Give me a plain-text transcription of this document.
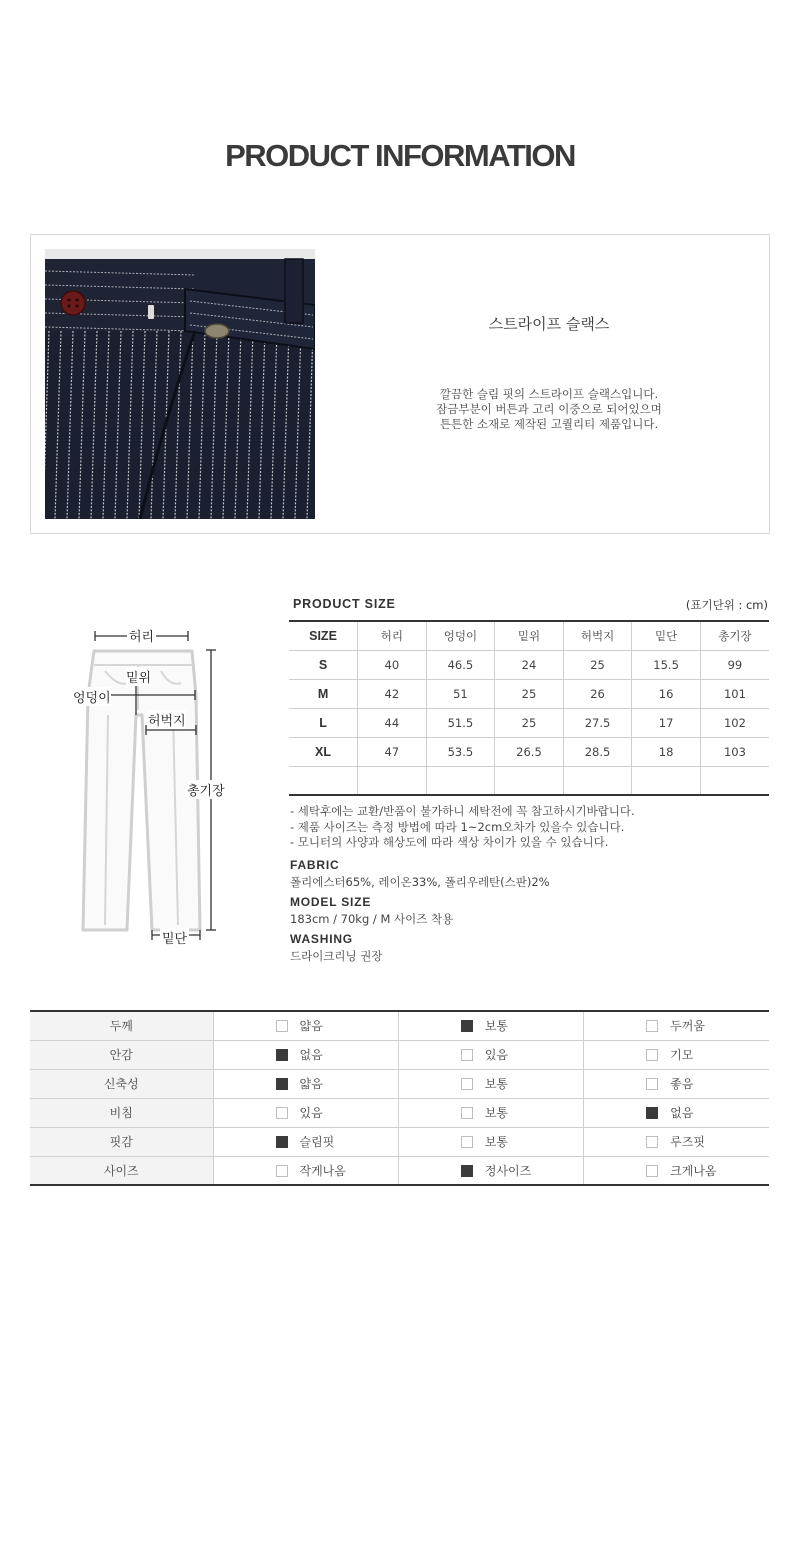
PRODUCT INFORMATION
스트라이프 슬랙스
깔끔한 슬림 핏의 스트라이프 슬랙스입니다.
잠금부분이 버튼과 고리 이중으로 되어있으며
튼튼한 소재로 제작된 고퀄리티 제품입니다.
허리
밑위
엉덩이
허벅지
총기장
밑단
PRODUCT SIZE	(표기단위 : cm)
SIZE	허리	엉덩이	밑위	허벅지	밑단	총기장
S	40	46.5	24	25	15.5	99
M	42	51	25	26	16	101
L	44	51.5	25	27.5	17	102
XL	47	53.5	26.5	28.5	18	103

- 세탁후에는 교환/반품이 불가하니 세탁전에 꼭 참고하시기바랍니다.
- 제품 사이즈는 측정 방법에 따라 1~2cm오차가 있을수 있습니다.
- 모니터의 사양과 해상도에 따라 색상 차이가 있을 수 있습니다.
FABRIC
폴리에스터65%, 레이온33%, 폴리우레탄(스판)2%
MODEL SIZE
183cm / 70kg / M 사이즈 착용
WASHING
드라이크리닝 권장
두께	얇음	보통	두꺼움
안감	없음	있음	기모
신축성	얇음	보통	좋음
비침	있음	보통	없음
핏감	슬림핏	보통	루즈핏
사이즈	작게나옴	정사이즈	크게나옴
